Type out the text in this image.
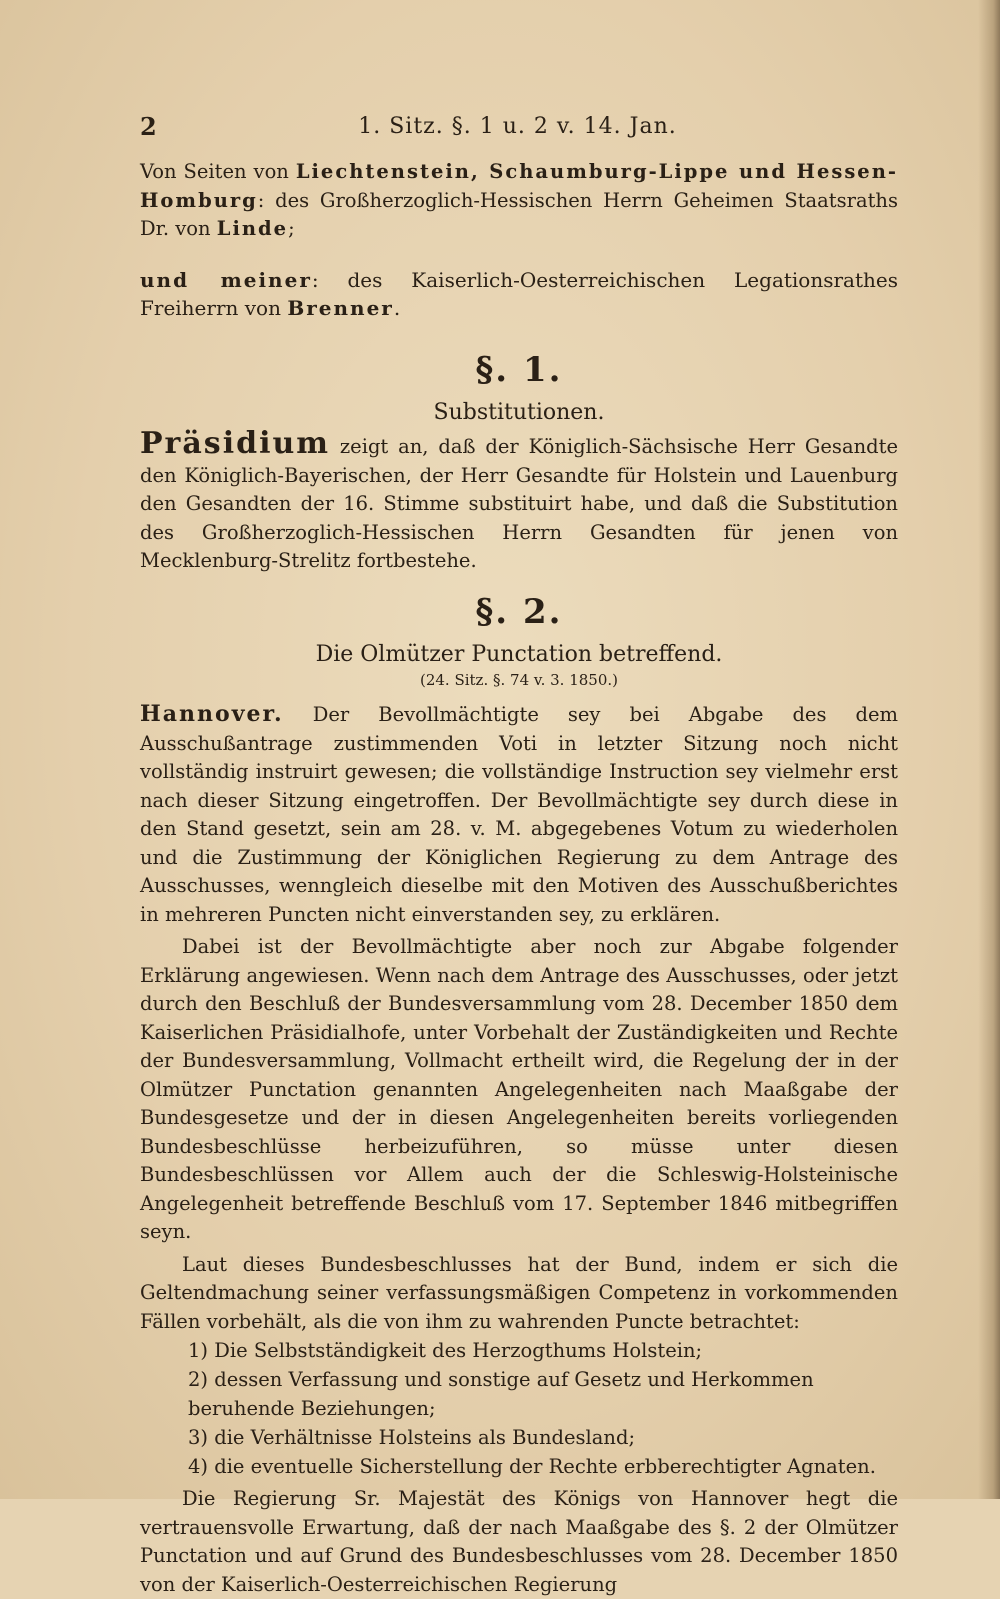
2	1. Sitz. §. 1 u. 2 v. 14. Jan.

Von Seiten von Liechtenstein, Schaumburg-Lippe und Hessen-Homburg: des Großherzoglich-Hessischen Herrn Geheimen Staatsraths Dr. von Linde;

und meiner: des Kaiserlich-Oesterreichischen Legationsrathes Freiherrn von Brenner.

§. 1.
Substitutionen.

Präsidium zeigt an, daß der Königlich-Sächsische Herr Gesandte den Königlich-Bayerischen, der Herr Gesandte für Holstein und Lauenburg den Gesandten der 16. Stimme substituirt habe, und daß die Substitution des Großherzoglich-Hessischen Herrn Gesandten für jenen von Mecklenburg-Strelitz fortbestehe.

§. 2.
Die Olmützer Punctation betreffend.
(24. Sitz. §. 74 v. 3. 1850.)

Hannover. Der Bevollmächtigte sey bei Abgabe des dem Ausschußantrage zustimmenden Voti in letzter Sitzung noch nicht vollständig instruirt gewesen; die vollständige Instruction sey vielmehr erst nach dieser Sitzung eingetroffen. Der Bevollmächtigte sey durch diese in den Stand gesetzt, sein am 28. v. M. abgegebenes Votum zu wiederholen und die Zustimmung der Königlichen Regierung zu dem Antrage des Ausschusses, wenngleich dieselbe mit den Motiven des Ausschußberichtes in mehreren Puncten nicht einverstanden sey, zu erklären.

Dabei ist der Bevollmächtigte aber noch zur Abgabe folgender Erklärung angewiesen. Wenn nach dem Antrage des Ausschusses, oder jetzt durch den Beschluß der Bundesversammlung vom 28. December 1850 dem Kaiserlichen Präsidialhofe, unter Vorbehalt der Zuständigkeiten und Rechte der Bundesversammlung, Vollmacht ertheilt wird, die Regelung der in der Olmützer Punctation genannten Angelegenheiten nach Maaßgabe der Bundesgesetze und der in diesen Angelegenheiten bereits vorliegenden Bundesbeschlüsse herbeizuführen, so müsse unter diesen Bundesbeschlüssen vor Allem auch der die Schleswig-Holsteinische Angelegenheit betreffende Beschluß vom 17. September 1846 mitbegriffen seyn.

Laut dieses Bundesbeschlusses hat der Bund, indem er sich die Geltendmachung seiner verfassungsmäßigen Competenz in vorkommenden Fällen vorbehält, als die von ihm zu wahrenden Puncte betrachtet:

1) Die Selbstständigkeit des Herzogthums Holstein;
2) dessen Verfassung und sonstige auf Gesetz und Herkommen beruhende Beziehungen;
3) die Verhältnisse Holsteins als Bundesland;
4) die eventuelle Sicherstellung der Rechte erbberechtigter Agnaten.

Die Regierung Sr. Majestät des Königs von Hannover hegt die vertrauensvolle Erwartung, daß der nach Maaßgabe des §. 2 der Olmützer Punctation und auf Grund des Bundesbeschlusses vom 28. December 1850 von der Kaiserlich-Oesterreichischen Regierung
